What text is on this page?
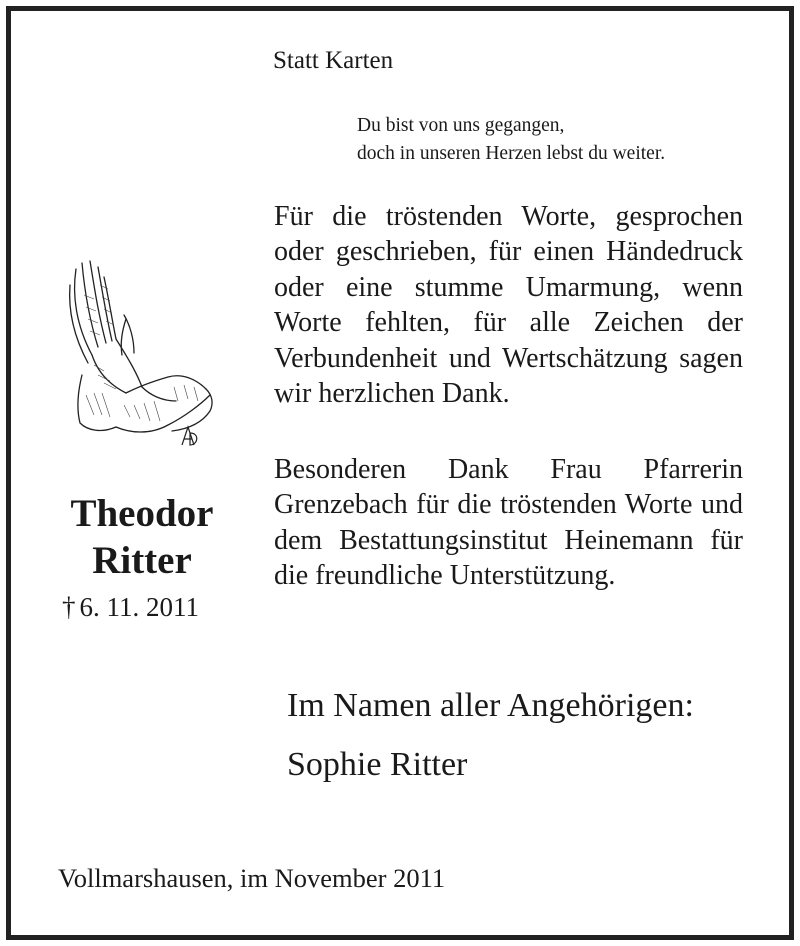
Statt Karten
Du bist von uns gegangen,
doch in unseren Herzen lebst du weiter.
Für die tröstenden Worte, gesprochen oder geschrieben, für einen Händedruck oder eine stumme Umarmung, wenn Worte fehlten, für alle Zeichen der Verbundenheit und Wertschätzung sagen wir herzlichen Dank.
AD
Theodor
Ritter
† 6. 11. 2011
Besonderen Dank Frau Pfarrerin Grenzebach für die tröstenden Worte und dem Bestattungsinstitut Heinemann für die freundliche Unterstützung.
Im Namen aller Angehörigen:
Sophie Ritter
Vollmarshausen, im November 2011
